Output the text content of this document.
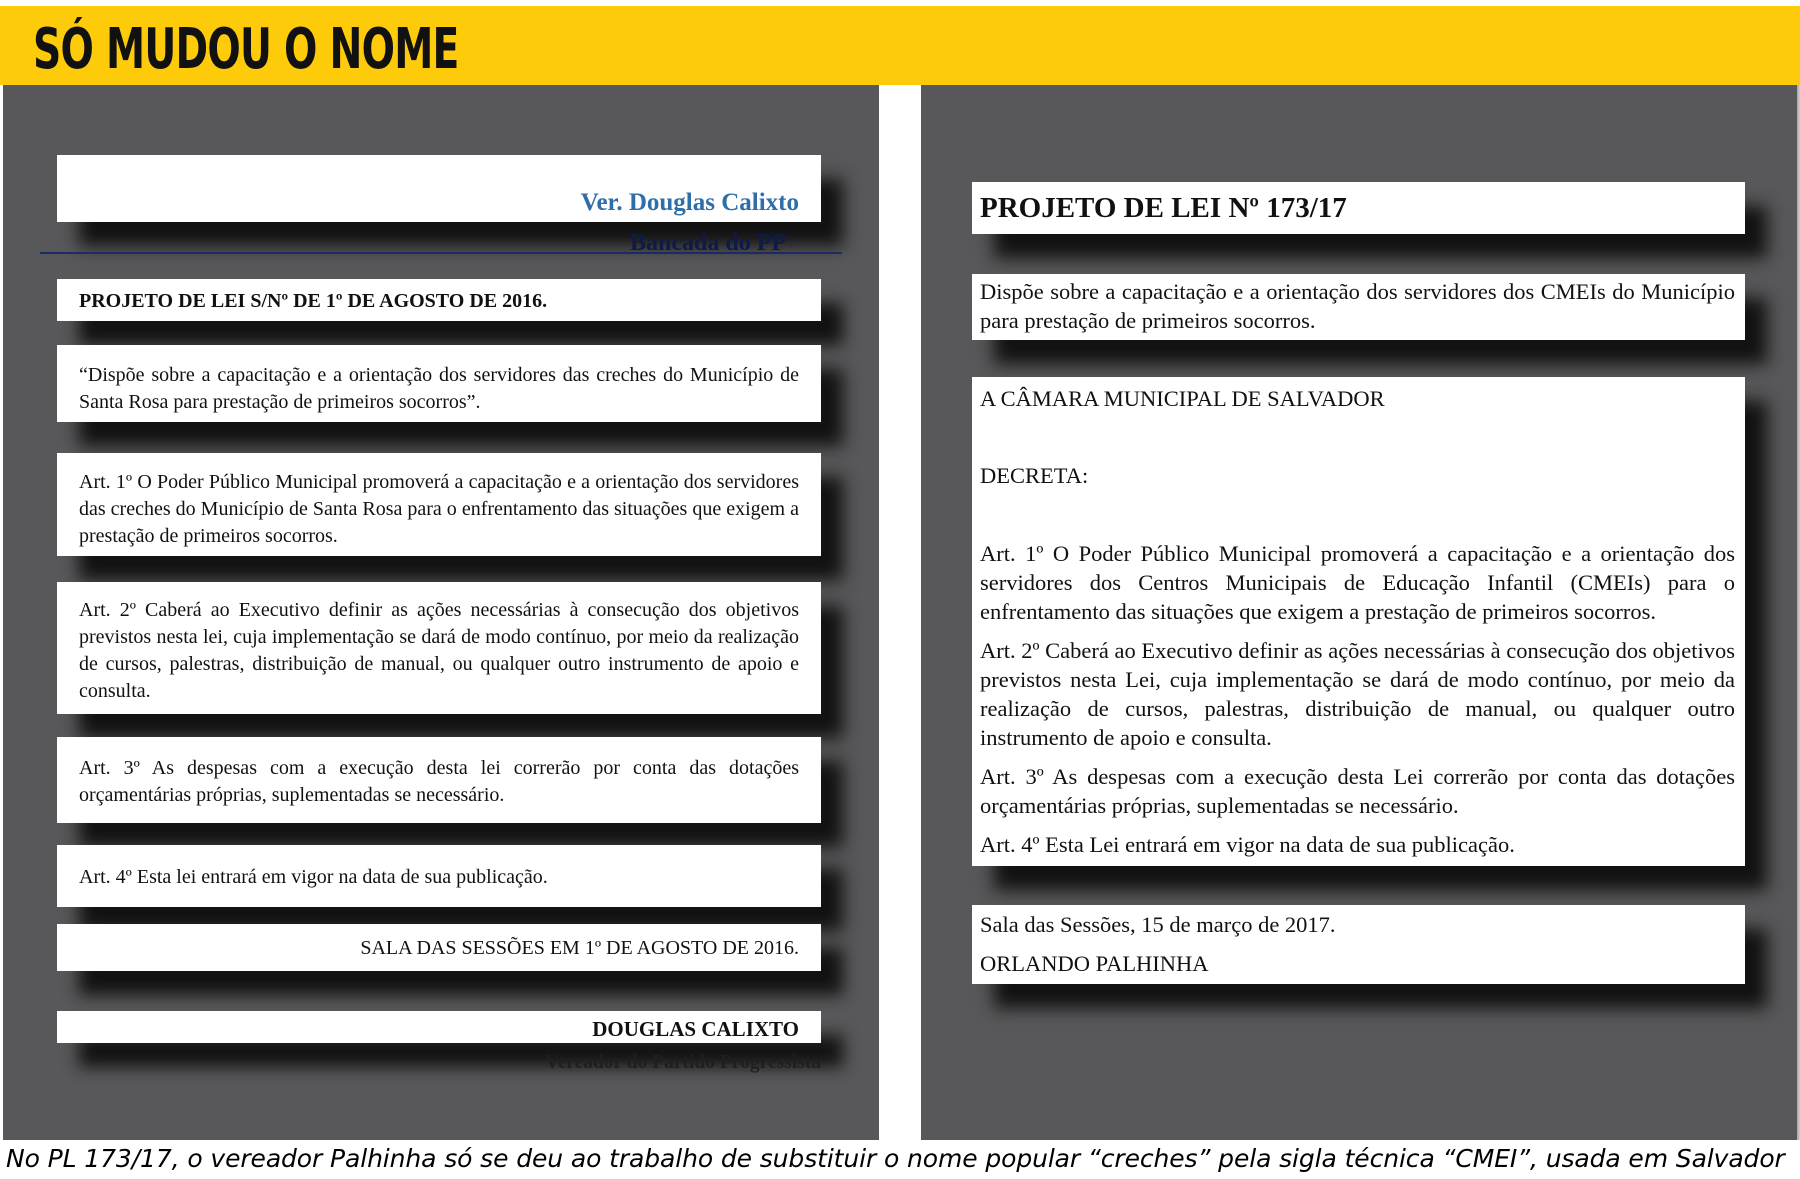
SÓ MUDOU O NOME
Ver. Douglas Calixto
Bancada do PP
PROJETO DE LEI S/Nº DE 1º DE AGOSTO DE 2016.
“Dispõe sobre a capacitação e a orientação dos servidores das creches do Município de Santa Rosa para prestação de primeiros socorros”.
Art. 1º O Poder Público Municipal promoverá a capacitação e a orientação dos servidores das creches do Município de Santa Rosa para o enfrentamento das situações que exigem a prestação de primeiros socorros.
Art. 2º Caberá ao Executivo definir as ações necessárias à consecução dos objetivos previstos nesta lei, cuja implementação se dará de modo contínuo, por meio da realização de cursos, palestras, distribuição de manual, ou qualquer outro instrumento de apoio e consulta.
Art. 3º As despesas com a execução desta lei correrão por conta das dotações orçamentárias próprias, suplementadas se necessário.
Art. 4º Esta lei entrará em vigor na data de sua publicação.
SALA DAS SESSÕES EM 1º DE AGOSTO DE 2016.
DOUGLAS CALIXTO
Vereador do Partido Progressista
PROJETO DE LEI Nº 173/17
Dispõe sobre a capacitação e a orientação dos servidores dos CMEIs do Município para prestação de primeiros socorros.
A CÂMARA MUNICIPAL DE SALVADOR
DECRETA:
Art. 1º O Poder Público Municipal promoverá a capacitação e a orientação dos servidores dos Centros Municipais de Educação Infantil (CMEIs) para o enfrentamento das situações que exigem a prestação de primeiros socorros.
Art. 2º Caberá ao Executivo definir as ações necessárias à consecução dos objetivos previstos nesta Lei, cuja implementação se dará de modo contínuo, por meio da realização de cursos, palestras, distribuição de manual, ou qualquer outro instrumento de apoio e consulta.
Art. 3º As despesas com a execução desta Lei correrão por conta das dotações orçamentárias próprias, suplementadas se necessário.
Art. 4º Esta Lei entrará em vigor na data de sua publicação.
Sala das Sessões, 15 de março de 2017.
ORLANDO PALHINHA
No PL 173/17, o vereador Palhinha só se deu ao trabalho de substituir o nome popular “creches” pela sigla técnica “CMEI”, usada em Salvador
